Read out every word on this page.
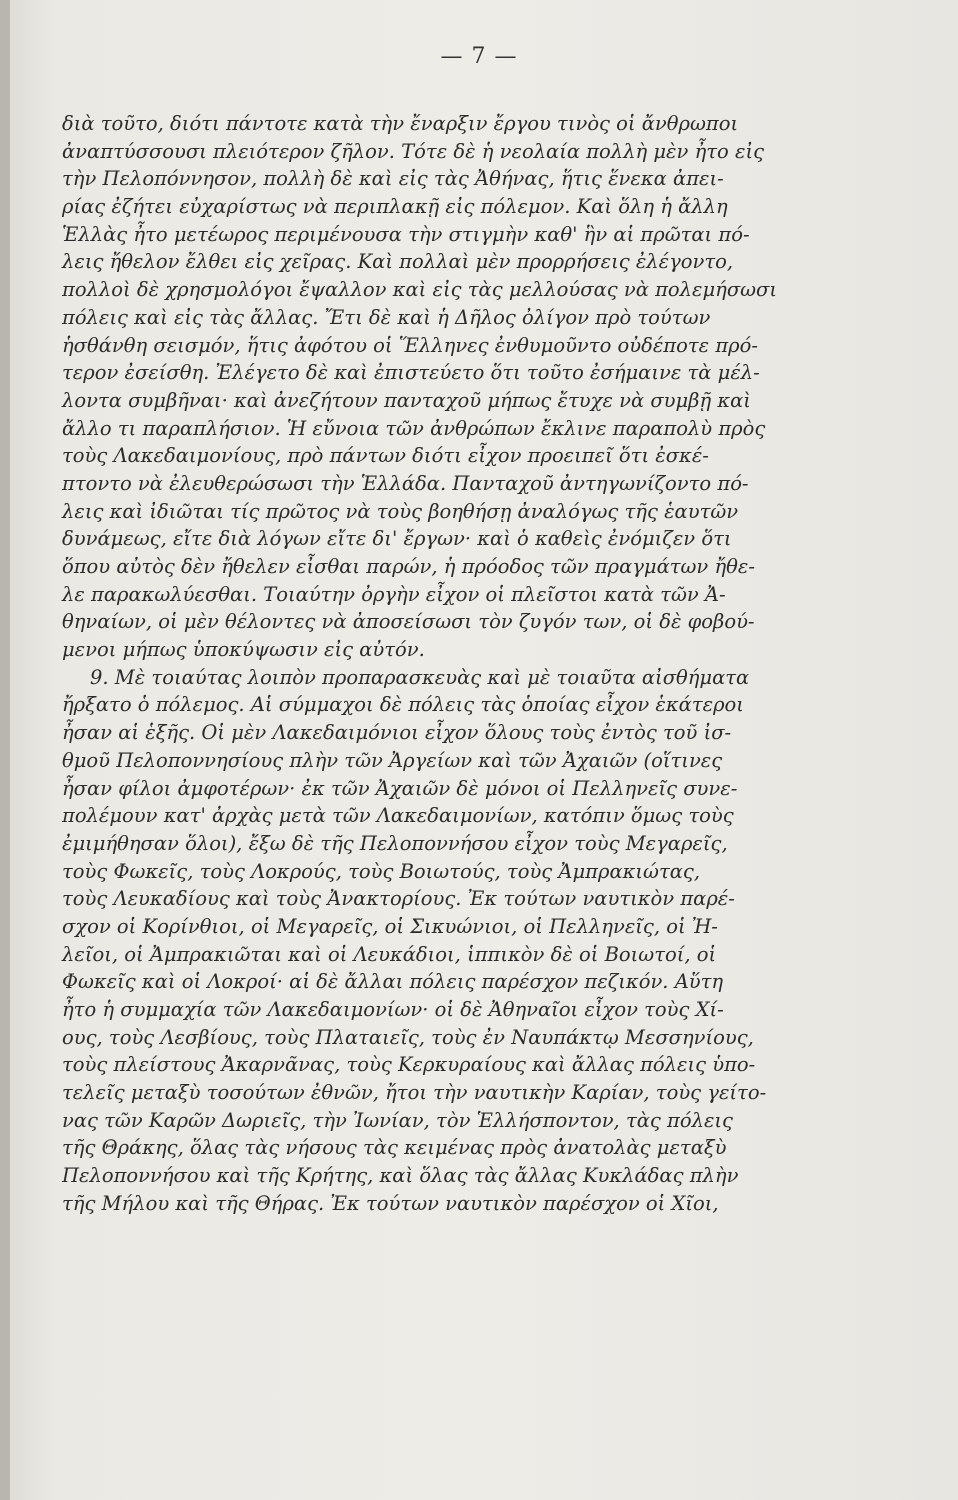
— 7 —
διὰ τοῦτο, διότι πάντοτε κατὰ τὴν ἔναρξιν ἔργου τινὸς οἱ ἄνθρωποι
ἀναπτύσσουσι πλειότερον ζῆλον. Τότε δὲ ἡ νεολαία πολλὴ μὲν ἦτο εἰς
τὴν Πελοπόννησον, πολλὴ δὲ καὶ εἰς τὰς Ἀθήνας, ἥτις ἕνεκα ἀπει-
ρίας ἐζήτει εὐχαρίστως νὰ περιπλακῇ εἰς πόλεμον. Καὶ ὅλη ἡ ἄλλη
Ἑλλὰς ἦτο μετέωρος περιμένουσα τὴν στιγμὴν καθ' ἣν αἱ πρῶται πό-
λεις ἤθελον ἔλθει εἰς χεῖρας. Καὶ πολλαὶ μὲν προρρήσεις ἐλέγοντο,
πολλοὶ δὲ χρησμολόγοι ἔψαλλον καὶ εἰς τὰς μελλούσας νὰ πολεμήσωσι
πόλεις καὶ εἰς τὰς ἄλλας. Ἔτι δὲ καὶ ἡ Δῆλος ὀλίγον πρὸ τούτων
ἡσθάνθη σεισμόν, ἥτις ἀφότου οἱ Ἕλληνες ἐνθυμοῦντο οὐδέποτε πρό-
τερον ἐσείσθη. Ἐλέγετο δὲ καὶ ἐπιστεύετο ὅτι τοῦτο ἐσήμαινε τὰ μέλ-
λοντα συμβῆναι· καὶ ἀνεζήτουν πανταχοῦ μήπως ἔτυχε νὰ συμβῇ καὶ
ἄλλο τι παραπλήσιον. Ἡ εὔνοια τῶν ἀνθρώπων ἔκλινε παραπολὺ πρὸς
τοὺς Λακεδαιμονίους, πρὸ πάντων διότι εἶχον προειπεῖ ὅτι ἐσκέ-
πτοντο νὰ ἐλευθερώσωσι τὴν Ἑλλάδα. Πανταχοῦ ἀντηγωνίζοντο πό-
λεις καὶ ἰδιῶται τίς πρῶτος νὰ τοὺς βοηθήσῃ ἀναλόγως τῆς ἑαυτῶν
δυνάμεως, εἴτε διὰ λόγων εἴτε δι' ἔργων· καὶ ὁ καθεὶς ἐνόμιζεν ὅτι
ὅπου αὐτὸς δὲν ἤθελεν εἶσθαι παρών, ἡ πρόοδος τῶν πραγμάτων ἤθε-
λε παρακωλύεσθαι. Τοιαύτην ὀργὴν εἶχον οἱ πλεῖστοι κατὰ τῶν Ἀ-
θηναίων, οἱ μὲν θέλοντες νὰ ἀποσείσωσι τὸν ζυγόν των, οἱ δὲ φοβού-
μενοι μήπως ὑποκύψωσιν εἰς αὐτόν.
9. Μὲ τοιαύτας λοιπὸν προπαρασκευὰς καὶ μὲ τοιαῦτα αἰσθήματα
ἤρξατο ὁ πόλεμος. Αἱ σύμμαχοι δὲ πόλεις τὰς ὁποίας εἶχον ἑκάτεροι
ἦσαν αἱ ἑξῆς. Οἱ μὲν Λακεδαιμόνιοι εἶχον ὅλους τοὺς ἐντὸς τοῦ ἰσ-
θμοῦ Πελοποννησίους πλὴν τῶν Ἀργείων καὶ τῶν Ἀχαιῶν (οἵτινες
ἦσαν φίλοι ἀμφοτέρων· ἐκ τῶν Ἀχαιῶν δὲ μόνοι οἱ Πελληνεῖς συνε-
πολέμουν κατ' ἀρχὰς μετὰ τῶν Λακεδαιμονίων, κατόπιν ὅμως τοὺς
ἐμιμήθησαν ὅλοι), ἔξω δὲ τῆς Πελοποννήσου εἶχον τοὺς Μεγαρεῖς,
τοὺς Φωκεῖς, τοὺς Λοκρούς, τοὺς Βοιωτούς, τοὺς Ἀμπρακιώτας,
τοὺς Λευκαδίους καὶ τοὺς Ἀνακτορίους. Ἐκ τούτων ναυτικὸν παρέ-
σχον οἱ Κορίνθιοι, οἱ Μεγαρεῖς, οἱ Σικυώνιοι, οἱ Πελληνεῖς, οἱ Ἠ-
λεῖοι, οἱ Ἀμπρακιῶται καὶ οἱ Λευκάδιοι, ἱππικὸν δὲ οἱ Βοιωτοί, οἱ
Φωκεῖς καὶ οἱ Λοκροί· αἱ δὲ ἄλλαι πόλεις παρέσχον πεζικόν. Αὕτη
ἦτο ἡ συμμαχία τῶν Λακεδαιμονίων· οἱ δὲ Ἀθηναῖοι εἶχον τοὺς Χί-
ους, τοὺς Λεσβίους, τοὺς Πλαταιεῖς, τοὺς ἐν Ναυπάκτῳ Μεσσηνίους,
τοὺς πλείστους Ἀκαρνᾶνας, τοὺς Κερκυραίους καὶ ἄλλας πόλεις ὑπο-
τελεῖς μεταξὺ τοσούτων ἐθνῶν, ἤτοι τὴν ναυτικὴν Καρίαν, τοὺς γείτο-
νας τῶν Καρῶν Δωριεῖς, τὴν Ἰωνίαν, τὸν Ἑλλήσποντον, τὰς πόλεις
τῆς Θράκης, ὅλας τὰς νήσους τὰς κειμένας πρὸς ἀνατολὰς μεταξὺ
Πελοποννήσου καὶ τῆς Κρήτης, καὶ ὅλας τὰς ἄλλας Κυκλάδας πλὴν
τῆς Μήλου καὶ τῆς Θήρας. Ἐκ τούτων ναυτικὸν παρέσχον οἱ Χῖοι,
